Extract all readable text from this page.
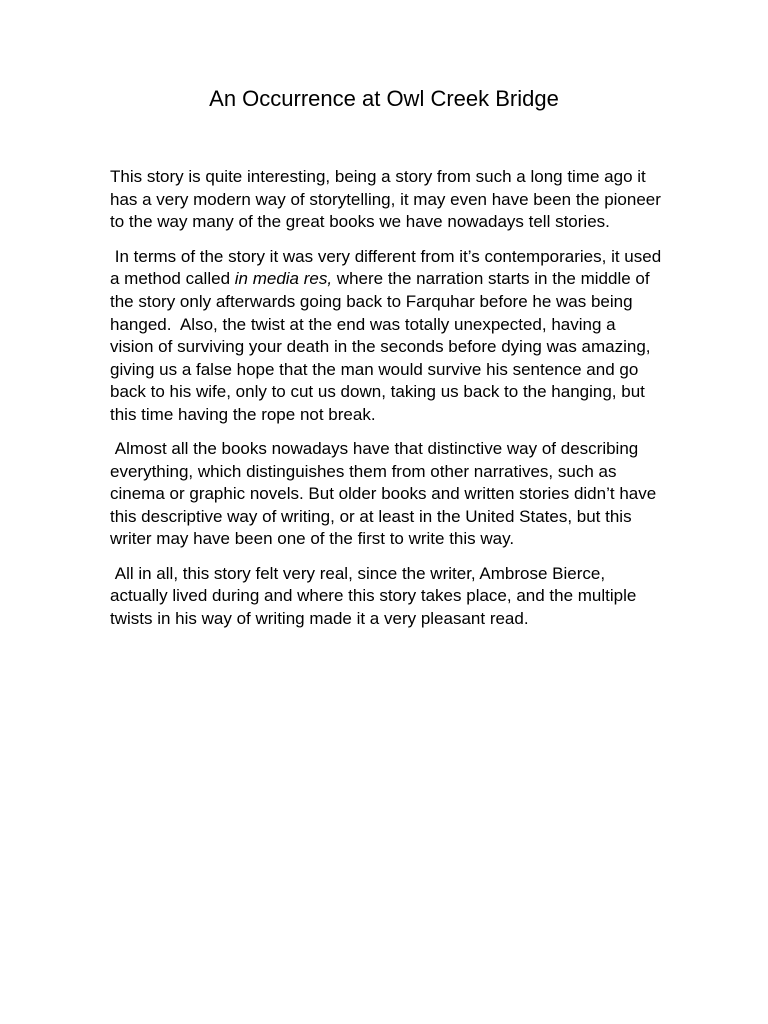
An Occurrence at Owl Creek Bridge

This story is quite interesting, being a story from such a long time ago it has a very modern way of storytelling, it may even have been the pioneer to the way many of the great books we have nowadays tell stories.

In terms of the story it was very different from it’s contemporaries, it used a method called in media res, where the narration starts in the middle of the story only afterwards going back to Farquhar before he was being hanged.  Also, the twist at the end was totally unexpected, having a vision of surviving your death in the seconds before dying was amazing, giving us a false hope that the man would survive his sentence and go back to his wife, only to cut us down, taking us back to the hanging, but this time having the rope not break.

Almost all the books nowadays have that distinctive way of describing everything, which distinguishes them from other narratives, such as cinema or graphic novels. But older books and written stories didn’t have this descriptive way of writing, or at least in the United States, but this writer may have been one of the first to write this way.

All in all, this story felt very real, since the writer, Ambrose Bierce, actually lived during and where this story takes place, and the multiple twists in his way of writing made it a very pleasant read.
